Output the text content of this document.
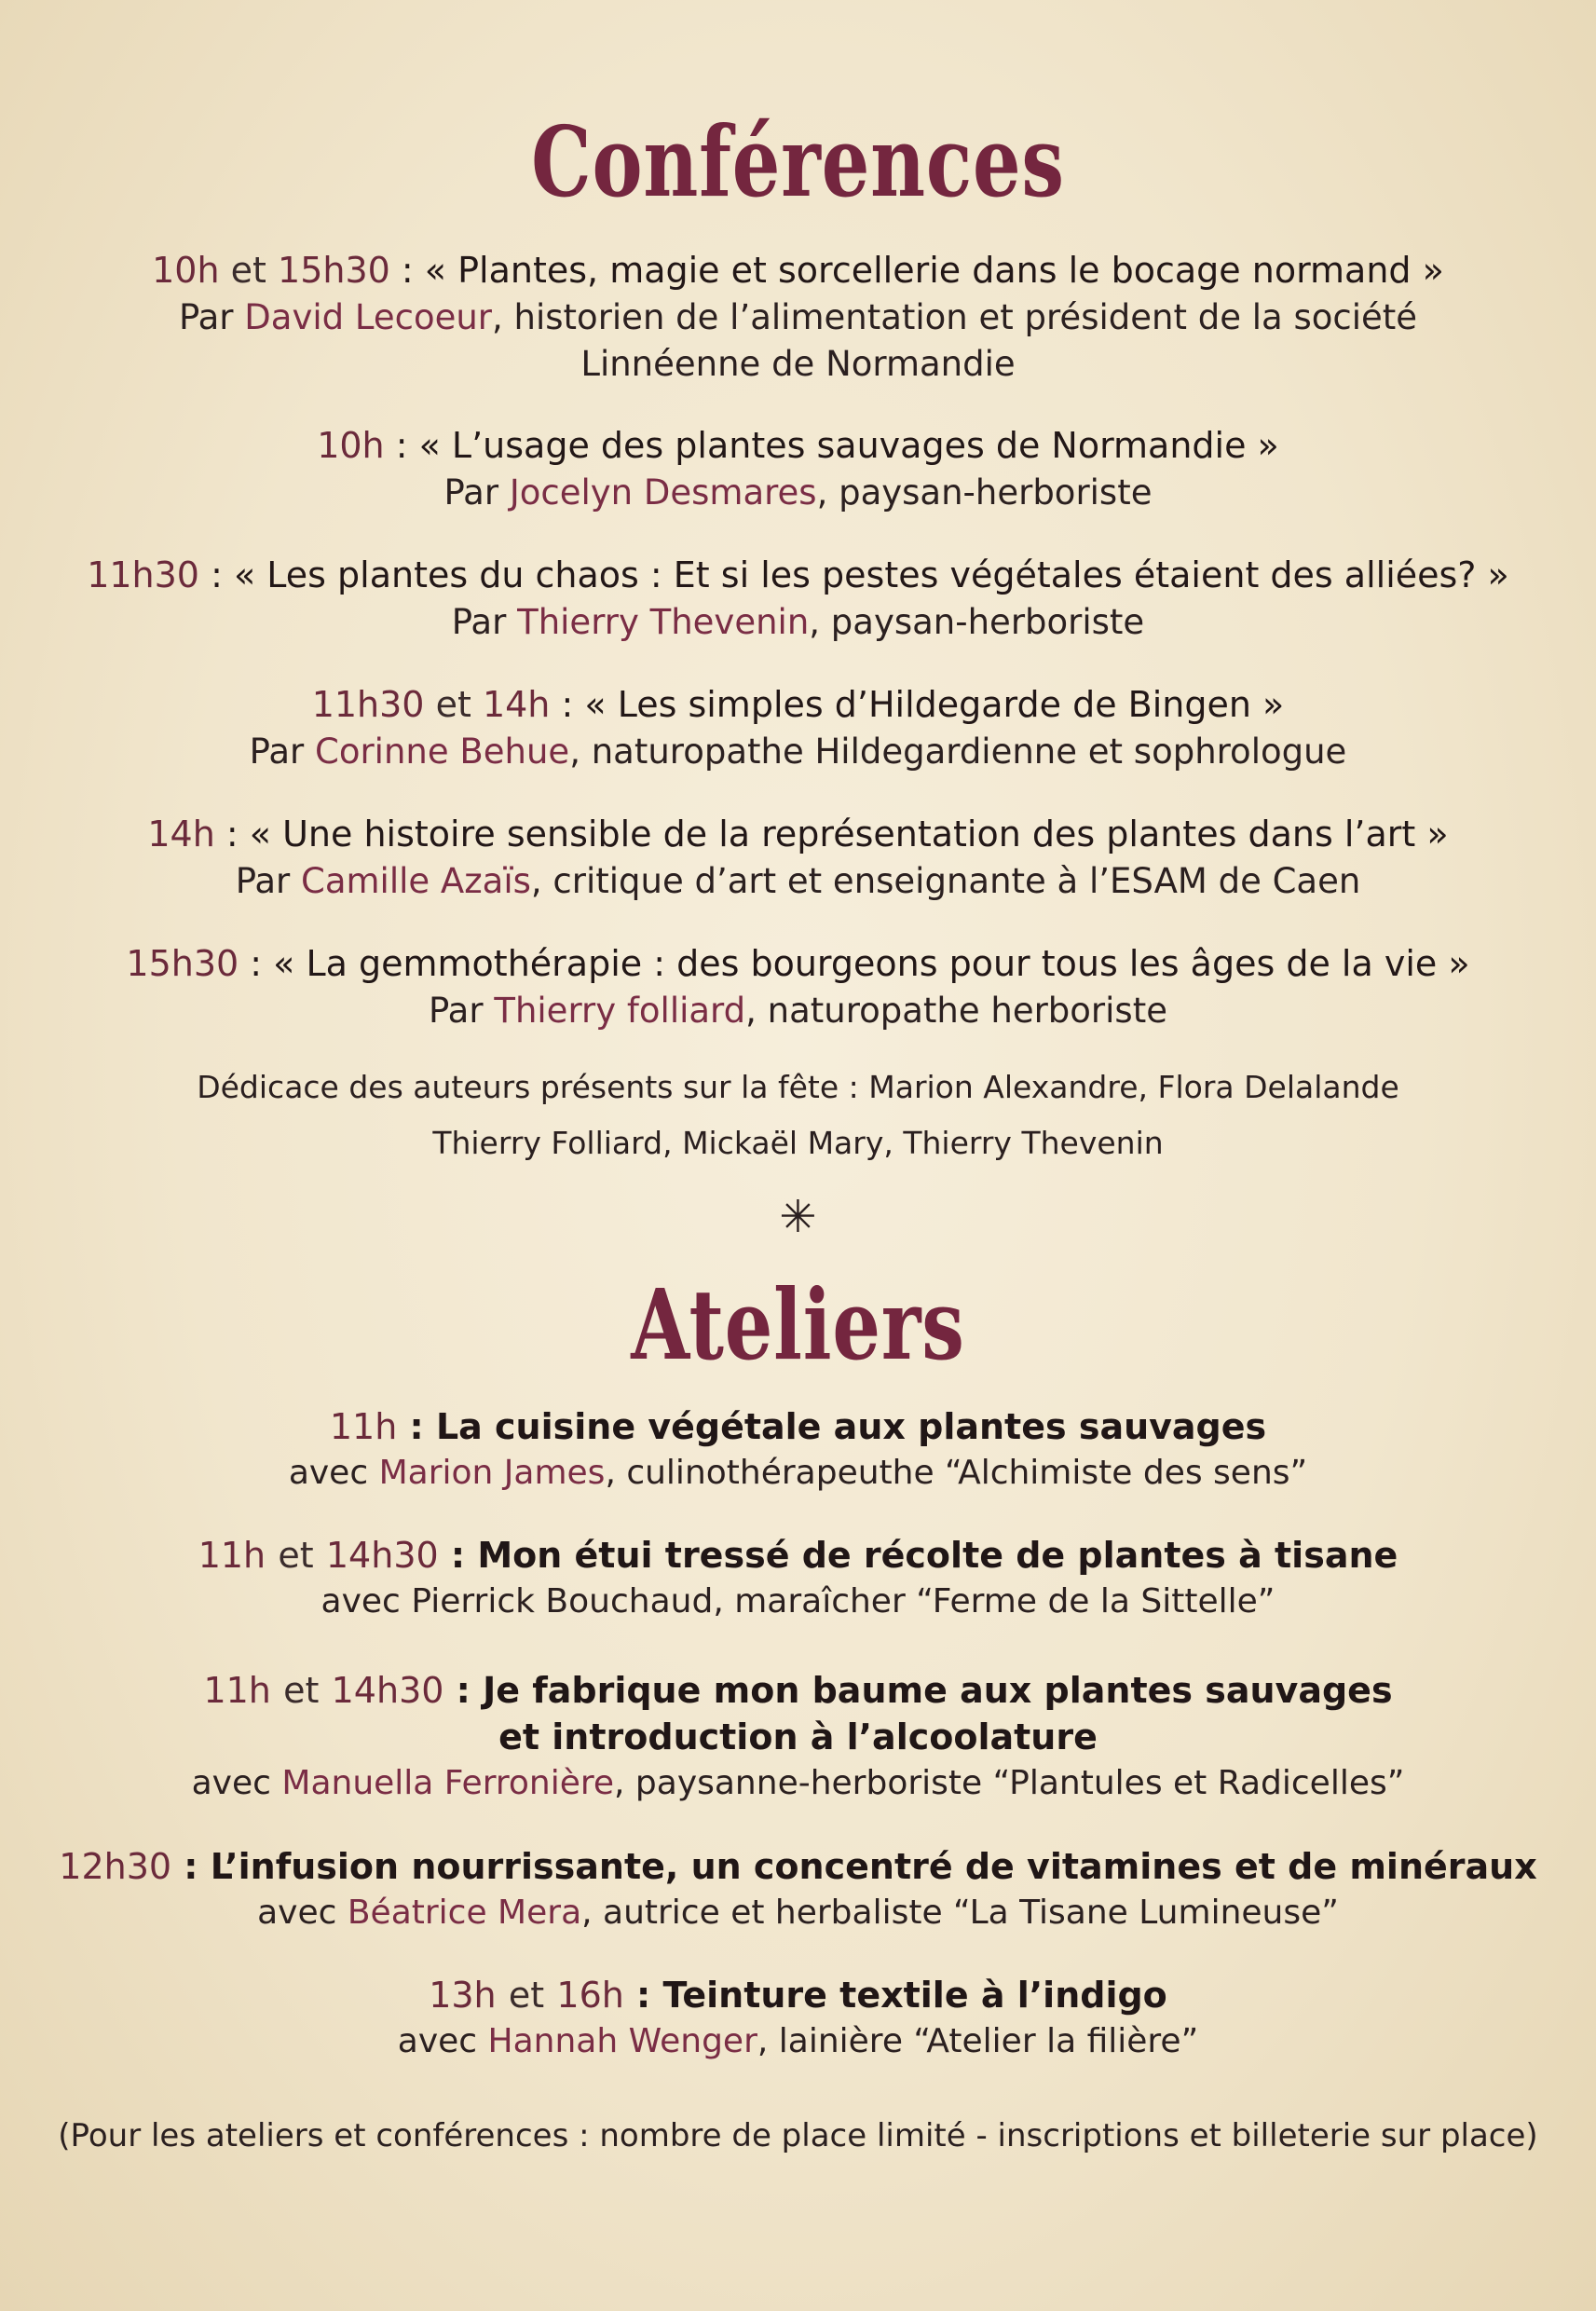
Conférences
10h et 15h30 : « Plantes, magie et sorcellerie dans le bocage normand »
Par David Lecoeur, historien de l’alimentation et président de la société
Linnéenne de Normandie
10h : « L’usage des plantes sauvages de Normandie »
Par Jocelyn Desmares, paysan-herboriste
11h30 : « Les plantes du chaos : Et si les pestes végétales étaient des alliées? »
Par Thierry Thevenin, paysan-herboriste
11h30 et 14h : « Les simples d’Hildegarde de Bingen »
Par Corinne Behue, naturopathe Hildegardienne et sophrologue
14h : « Une histoire sensible de la représentation des plantes dans l’art »
Par Camille Azaïs, critique d’art et enseignante à l’ESAM de Caen
15h30 : « La gemmothérapie : des bourgeons pour tous les âges de la vie »
Par Thierry folliard, naturopathe herboriste
Dédicace des auteurs présents sur la fête : Marion Alexandre, Flora Delalande
Thierry Folliard, Mickaël Mary, Thierry Thevenin
✳
Ateliers
11h : La cuisine végétale aux plantes sauvages
avec Marion James, culinothérapeuthe “Alchimiste des sens”
11h et 14h30 : Mon étui tressé de récolte de plantes à tisane
avec Pierrick Bouchaud, maraîcher “Ferme de la Sittelle”
11h et 14h30 : Je fabrique mon baume aux plantes sauvages
et introduction à l’alcoolature
avec Manuella Ferronière, paysanne-herboriste “Plantules et Radicelles”
12h30 : L’infusion nourrissante, un concentré de vitamines et de minéraux
avec Béatrice Mera, autrice et herbaliste “La Tisane Lumineuse”
13h et 16h : Teinture textile à l’indigo
avec Hannah Wenger, lainière “Atelier la filière”
(Pour les ateliers et conférences : nombre de place limité - inscriptions et billeterie sur place)
